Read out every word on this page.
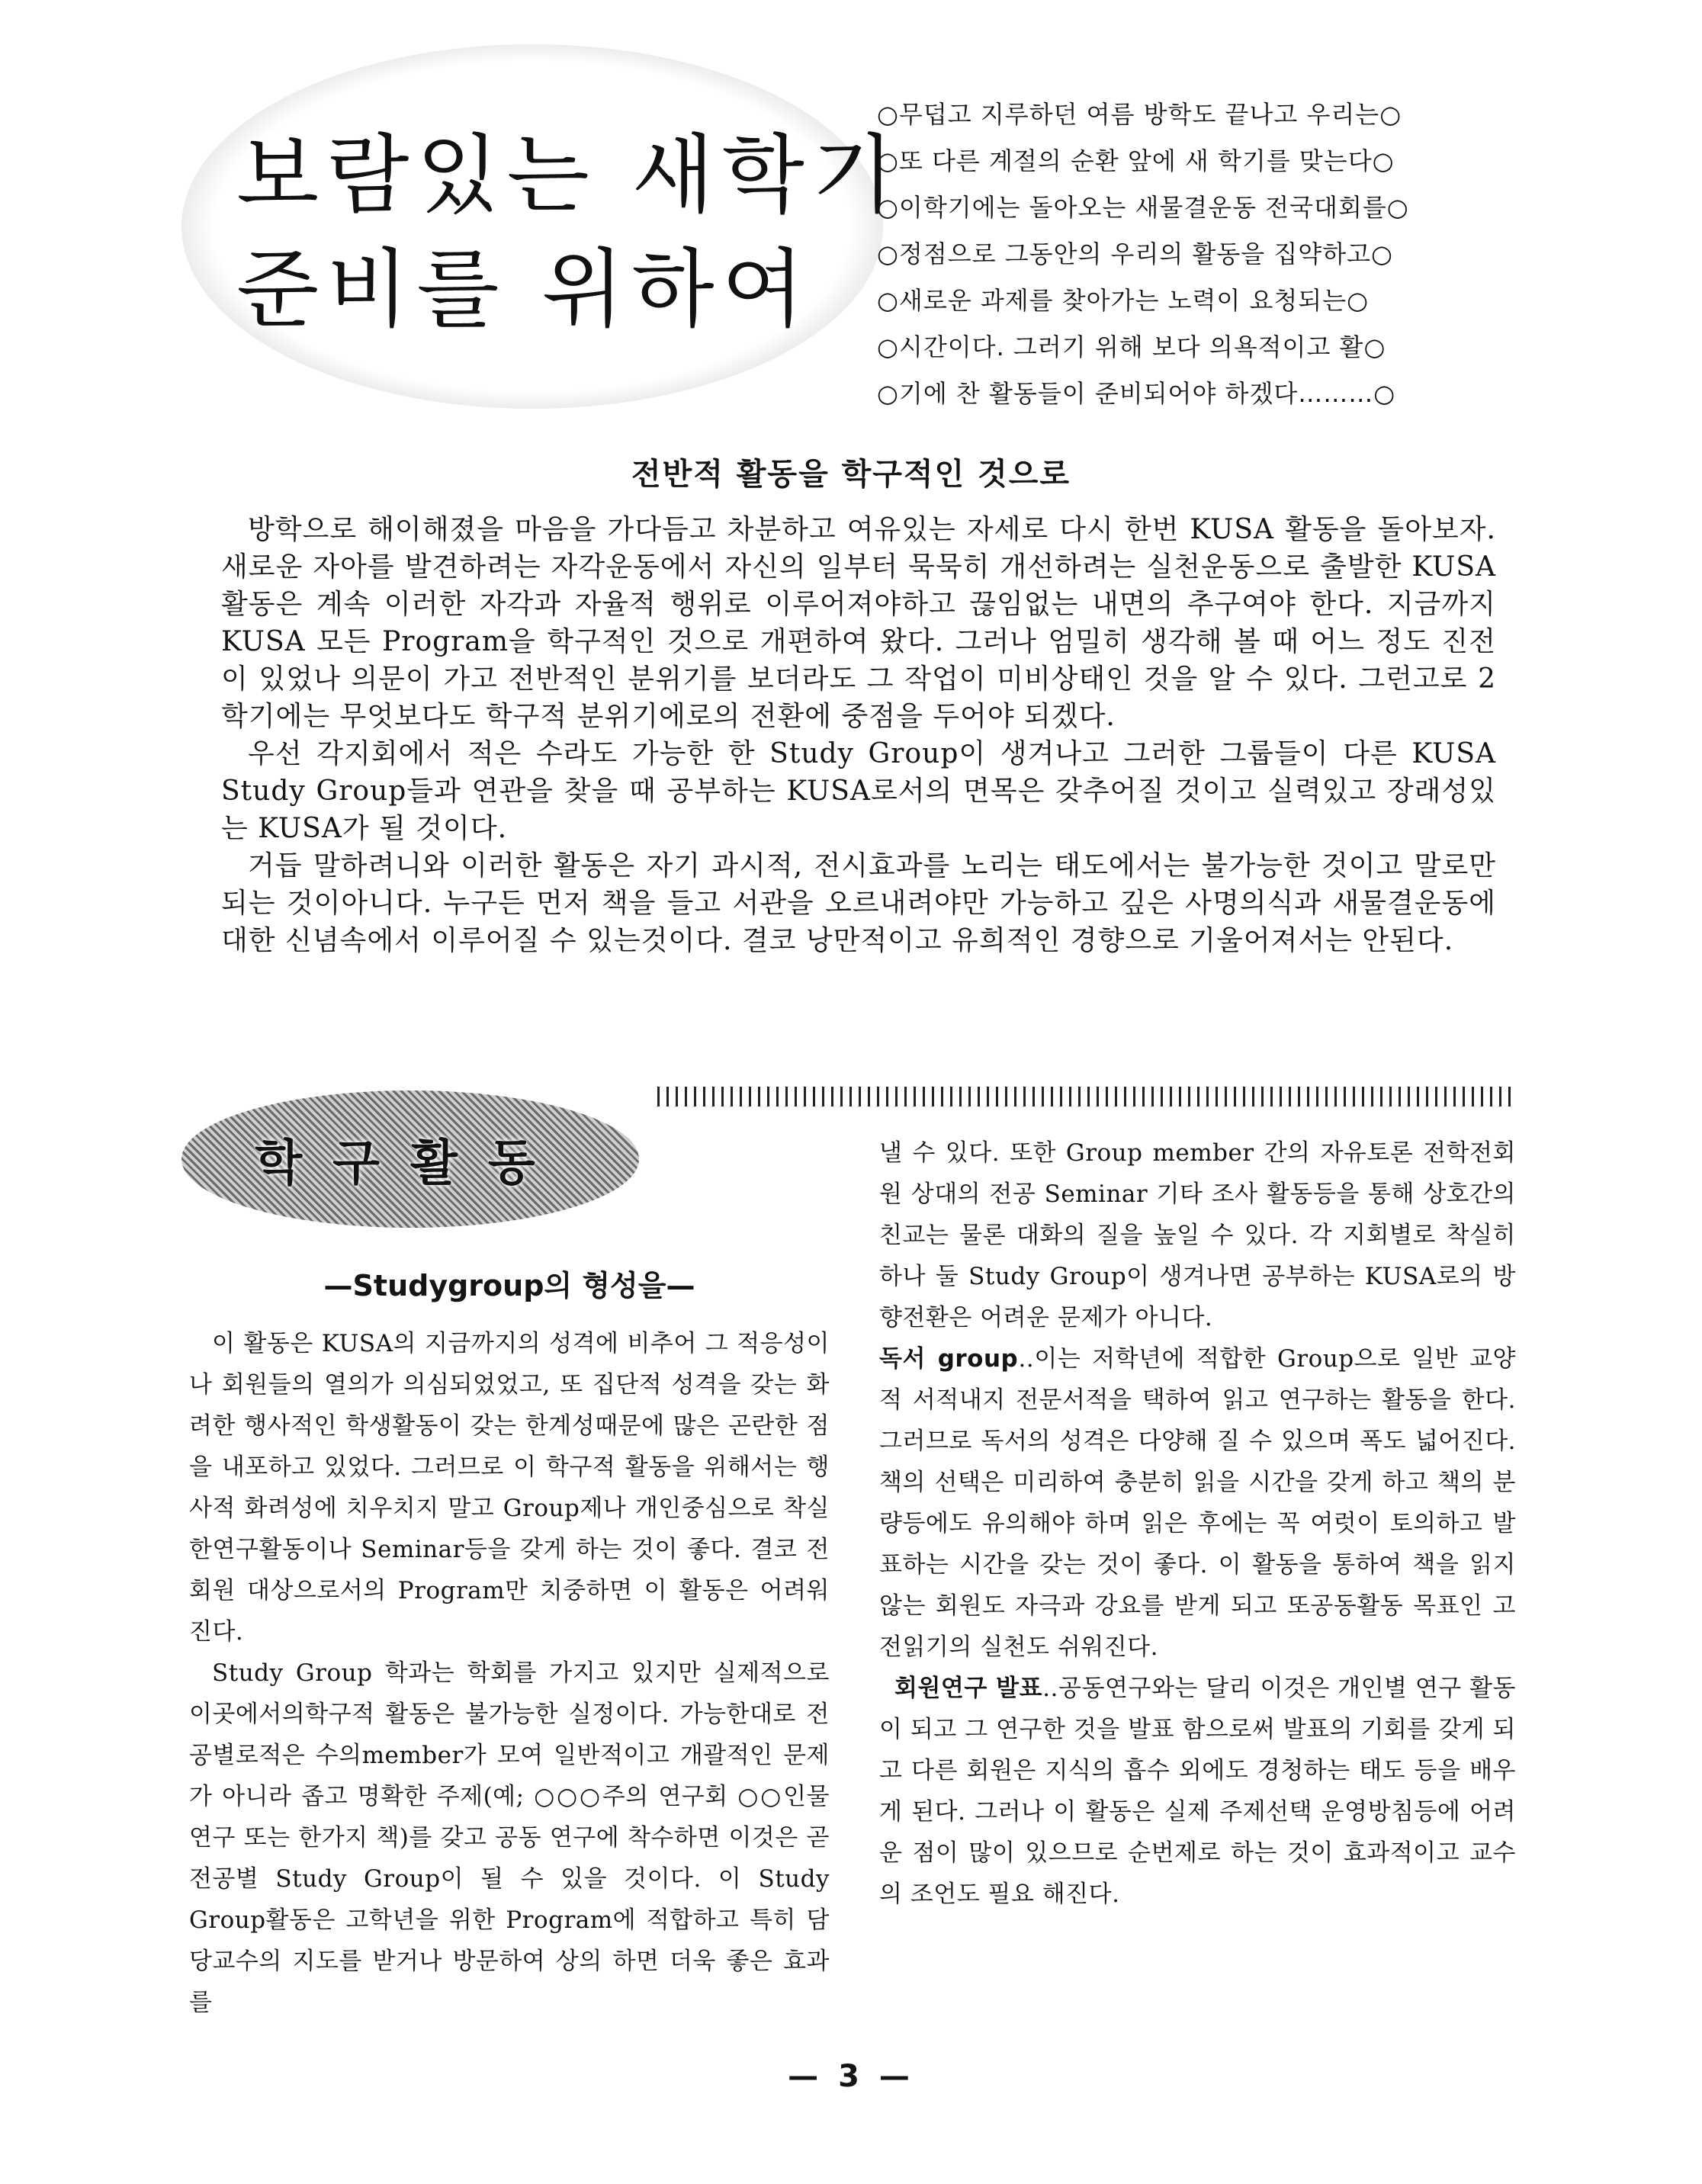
보람있는 새학기
준비를 위하여
○무덥고 지루하던 여름 방학도 끝나고 우리는○
○또 다른 계절의 순환 앞에 새 학기를 맞는다○
○이학기에는 돌아오는 새물결운동 전국대회를○
○정점으로 그동안의 우리의 활동을 집약하고○
○새로운 과제를 찾아가는 노력이 요청되는○
○시간이다. 그러기 위해 보다 의욕적이고 활○
○기에 찬 활동들이 준비되어야 하겠다………○
전반적 활동을 학구적인 것으로

방학으로 해이해졌을 마음을 가다듬고 차분하고 여유있는 자세로 다시 한번 KUSA 활동을 돌아보자. 새로운 자아를 발견하려는 자각운동에서 자신의 일부터 묵묵히 개선하려는 실천운동으로 출발한 KUSA활동은 계속 이러한 자각과 자율적 행위로 이루어져야하고 끊임없는 내면의 추구여야 한다. 지금까지 KUSA 모든 Program을 학구적인 것으로 개편하여 왔다. 그러나 엄밀히 생각해 볼 때 어느 정도 진전이 있었나 의문이 가고 전반적인 분위기를 보더라도 그 작업이 미비상태인 것을 알 수 있다. 그런고로 2학기에는 무엇보다도 학구적 분위기에로의 전환에 중점을 두어야 되겠다.

우선 각지회에서 적은 수라도 가능한 한 Study Group이 생겨나고 그러한 그룹들이 다른 KUSA Study Group들과 연관을 찾을 때 공부하는 KUSA로서의 면목은 갖추어질 것이고 실력있고 장래성있는 KUSA가 될 것이다.

거듭 말하려니와 이러한 활동은 자기 과시적, 전시효과를 노리는 태도에서는 불가능한 것이고 말로만 되는 것이아니다. 누구든 먼저 책을 들고 서관을 오르내려야만 가능하고 깊은 사명의식과 새물결운동에 대한 신념속에서 이루어질 수 있는것이다. 결코 낭만적이고 유희적인 경향으로 기울어져서는 안된다.

학구활동
—Studygroup의 형성을—

이 활동은 KUSA의 지금까지의 성격에 비추어 그 적응성이나 회원들의 열의가 의심되었었고, 또 집단적 성격을 갖는 화려한 행사적인 학생활동이 갖는 한계성때문에 많은 곤란한 점을 내포하고 있었다. 그러므로 이 학구적 활동을 위해서는 행사적 화려성에 치우치지 말고 Group제나 개인중심으로 착실한연구활동이나 Seminar등을 갖게 하는 것이 좋다. 결코 전회원 대상으로서의 Program만 치중하면 이 활동은 어려워진다.

Study Group 학과는 학회를 가지고 있지만 실제적으로 이곳에서의학구적 활동은 불가능한 실정이다. 가능한대로 전공별로적은 수의member가 모여 일반적이고 개괄적인 문제가 아니라 좁고 명확한 주제(예; ○○○주의 연구회 ○○인물 연구 또는 한가지 책)를 갖고 공동 연구에 착수하면 이것은 곧 전공별 Study Group이 될 수 있을 것이다. 이 Study Group활동은 고학년을 위한 Program에 적합하고 특히 담당교수의 지도를 받거나 방문하여 상의 하면 더욱 좋은 효과를

낼 수 있다. 또한 Group member 간의 자유토론 전학전회원 상대의 전공 Seminar 기타 조사 활동등을 통해 상호간의 친교는 물론 대화의 질을 높일 수 있다. 각 지회별로 착실히 하나 둘 Study Group이 생겨나면 공부하는 KUSA로의 방향전환은 어려운 문제가 아니다.

독서 group‥이는 저학년에 적합한 Group으로 일반 교양적 서적내지 전문서적을 택하여 읽고 연구하는 활동을 한다. 그러므로 독서의 성격은 다양해 질 수 있으며 폭도 넓어진다. 책의 선택은 미리하여 충분히 읽을 시간을 갖게 하고 책의 분량등에도 유의해야 하며 읽은 후에는 꼭 여럿이 토의하고 발표하는 시간을 갖는 것이 좋다. 이 활동을 통하여 책을 읽지 않는 회원도 자극과 강요를 받게 되고 또공동활동 목표인 고전읽기의 실천도 쉬워진다.

회원연구 발표‥공동연구와는 달리 이것은 개인별 연구 활동이 되고 그 연구한 것을 발표 함으로써 발표의 기회를 갖게 되고 다른 회원은 지식의 흡수 외에도 경청하는 태도 등을 배우게 된다. 그러나 이 활동은 실제 주제선택 운영방침등에 어려운 점이 많이 있으므로 순번제로 하는 것이 효과적이고 교수의 조언도 필요 해진다.

— 3 —
